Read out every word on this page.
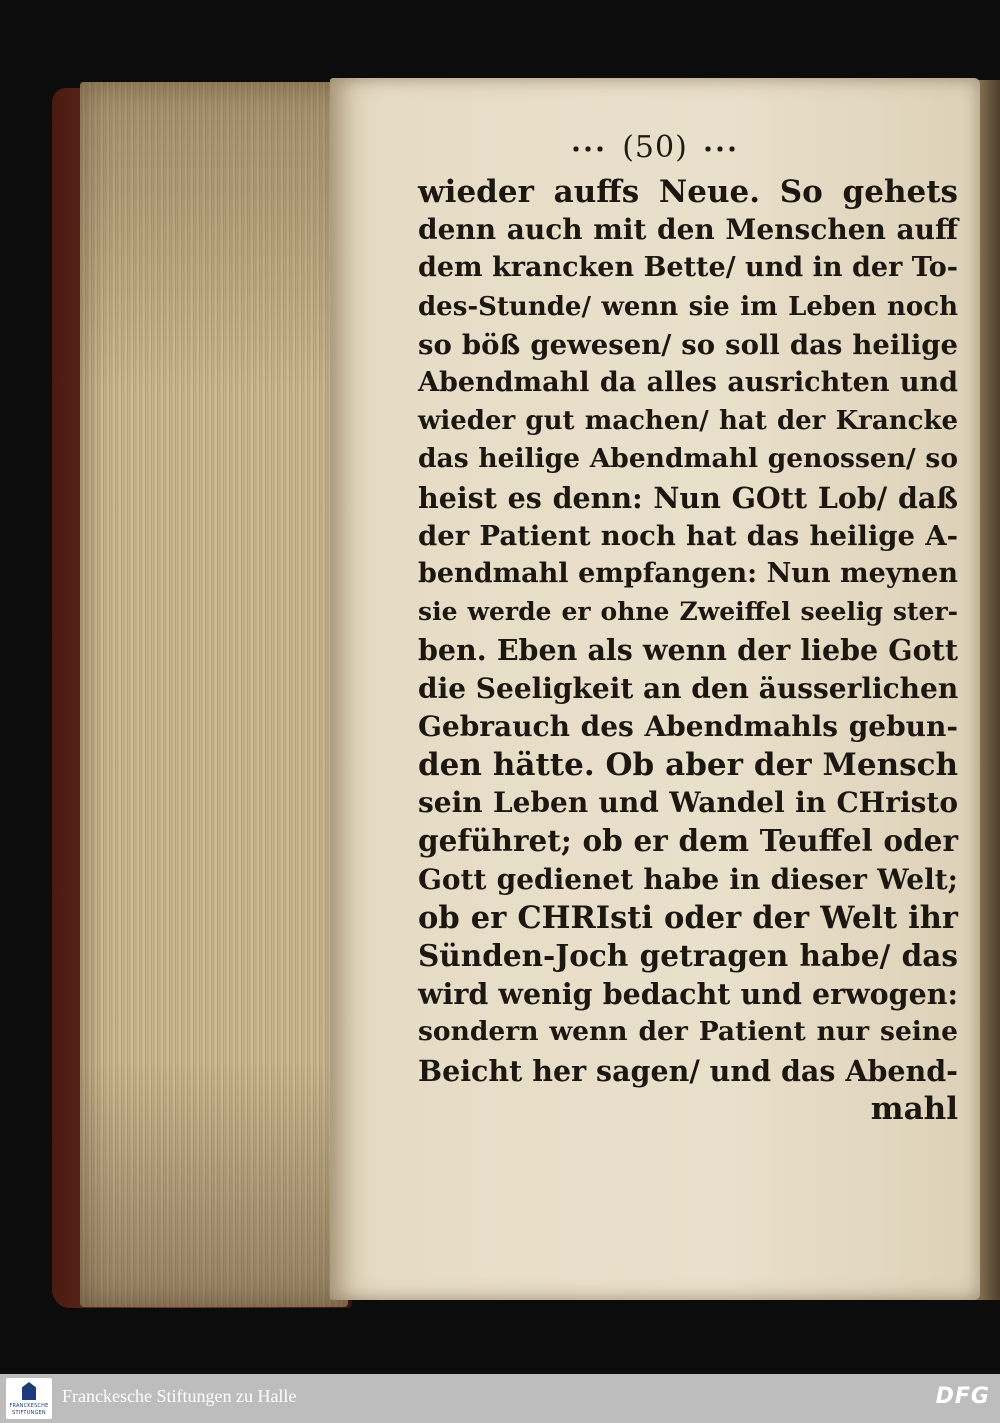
(50)
wieder auffs Neue. So gehets
denn auch mit den Menschen auff
dem krancken Bette/ und in der To-
des-Stunde/ wenn sie im Leben noch
so böß gewesen/ so soll das heilige
Abendmahl da alles ausrichten und
wieder gut machen/ hat der Krancke
das heilige Abendmahl genossen/ so
heist es denn: Nun GOtt Lob/ daß
der Patient noch hat das heilige A-
bendmahl empfangen: Nun meynen
sie werde er ohne Zweiffel seelig ster-
ben. Eben als wenn der liebe Gott
die Seeligkeit an den äusserlichen
Gebrauch des Abendmahls gebun-
den hätte. Ob aber der Mensch
sein Leben und Wandel in CHristo
geführet; ob er dem Teuffel oder
Gott gedienet habe in dieser Welt;
ob er CHRIsti oder der Welt ihr
Sünden-Joch getragen habe/ das
wird wenig bedacht und erwogen:
sondern wenn der Patient nur seine
Beicht her sagen/ und das Abend-
mahl
FRANCKESCHE
STIFTUNGEN
Franckesche Stiftungen zu Halle	DFG
